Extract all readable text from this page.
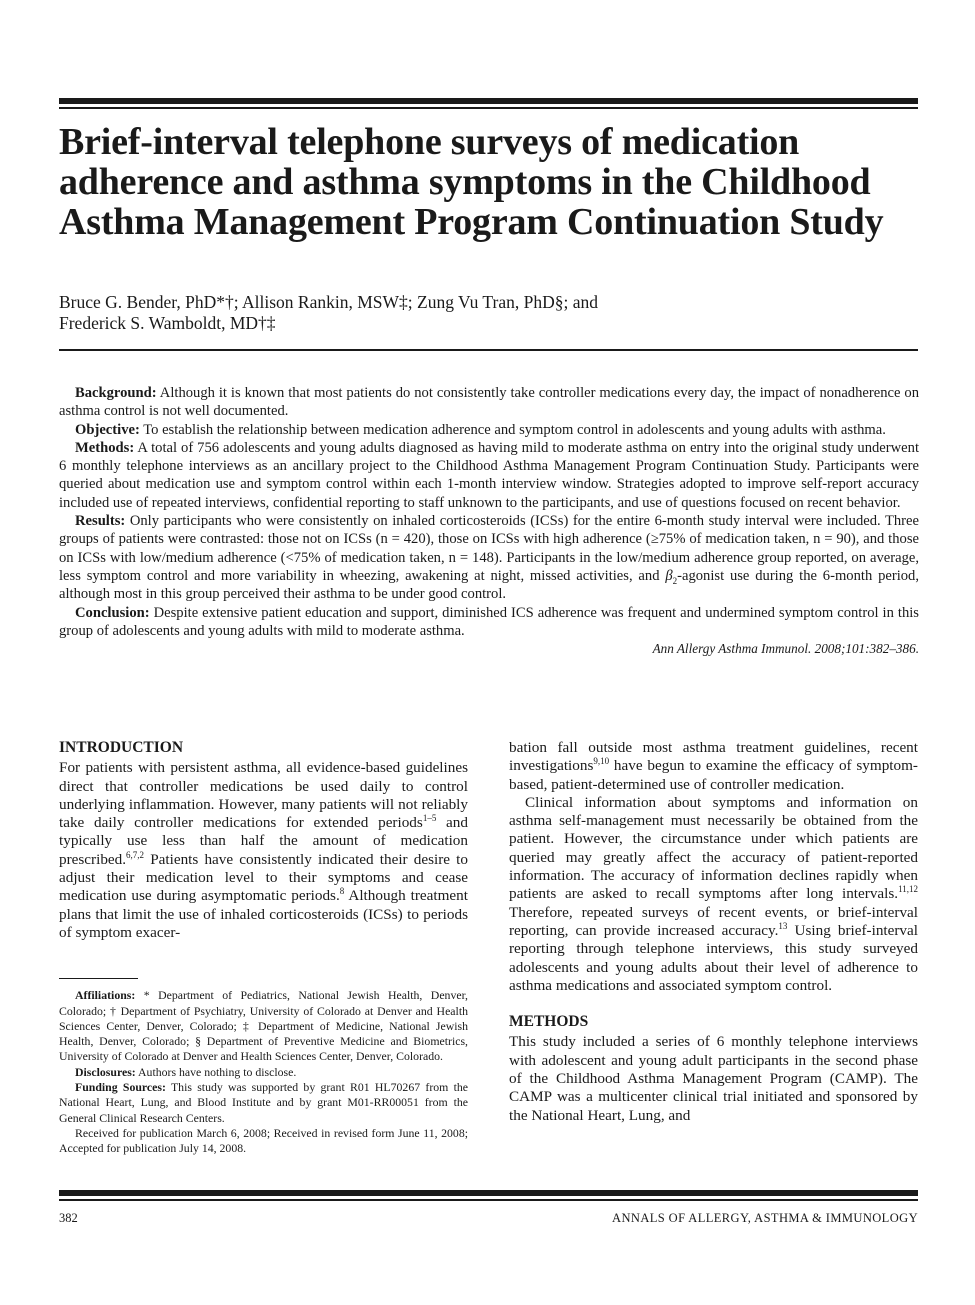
Brief-interval telephone surveys of medication adherence and asthma symptoms in the Childhood Asthma Management Program Continuation Study
Bruce G. Bender, PhD*†; Allison Rankin, MSW‡; Zung Vu Tran, PhD§; and
Frederick S. Wamboldt, MD†‡

Background: Although it is known that most patients do not consistently take controller medications every day, the impact of nonadherence on asthma control is not well documented.

Objective: To establish the relationship between medication adherence and symptom control in adolescents and young adults with asthma.

Methods: A total of 756 adolescents and young adults diagnosed as having mild to moderate asthma on entry into the original study underwent 6 monthly telephone interviews as an ancillary project to the Childhood Asthma Management Program Continuation Study. Participants were queried about medication use and symptom control within each 1-month interview window. Strategies adopted to improve self-report accuracy included use of repeated interviews, confidential reporting to staff unknown to the participants, and use of questions focused on recent behavior.

Results: Only participants who were consistently on inhaled corticosteroids (ICSs) for the entire 6-month study interval were included. Three groups of patients were contrasted: those not on ICSs (n = 420), those on ICSs with high adherence (≥75% of medication taken, n = 90), and those on ICSs with low/medium adherence (<75% of medication taken, n = 148). Participants in the low/medium adherence group reported, on average, less symptom control and more variability in wheezing, awakening at night, missed activities, and $\beta_2$-agonist use during the 6-month period, although most in this group perceived their asthma to be under good control.

Conclusion: Despite extensive patient education and support, diminished ICS adherence was frequent and undermined symptom control in this group of adolescents and young adults with mild to moderate asthma.

Ann Allergy Asthma Immunol. 2008;101:382–386.
INTRODUCTION

For patients with persistent asthma, all evidence-based guidelines direct that controller medications be used daily to control underlying inflammation. However, many patients will not reliably take daily controller medications for extended periods$^{1-5}$ and typically use less than half the amount of medication prescribed.$^{6,7,2}$ Patients have consistently indicated their desire to adjust their medication level to their symptoms and cease medication use during asymptomatic periods.$^8$ Although treatment plans that limit the use of inhaled corticosteroids (ICSs) to periods of symptom exacer-

Affiliations: * Department of Pediatrics, National Jewish Health, Denver, Colorado; † Department of Psychiatry, University of Colorado at Denver and Health Sciences Center, Denver, Colorado; ‡ Department of Medicine, National Jewish Health, Denver, Colorado; § Department of Preventive Medicine and Biometrics, University of Colorado at Denver and Health Sciences Center, Denver, Colorado.

Disclosures: Authors have nothing to disclose.

Funding Sources: This study was supported by grant R01 HL70267 from the National Heart, Lung, and Blood Institute and by grant M01-RR00051 from the General Clinical Research Centers.

Received for publication March 6, 2008; Received in revised form June 11, 2008; Accepted for publication July 14, 2008.

bation fall outside most asthma treatment guidelines, recent investigations$^{9,10}$ have begun to examine the efficacy of symptom-based, patient-determined use of controller medication.

Clinical information about symptoms and information on asthma self-management must necessarily be obtained from the patient. However, the circumstance under which patients are queried may greatly affect the accuracy of patient-reported information. The accuracy of information declines rapidly when patients are asked to recall symptoms after long intervals.$^{11,12}$ Therefore, repeated surveys of recent events, or brief-interval reporting, can provide increased accuracy.$^{13}$ Using brief-interval reporting through telephone interviews, this study surveyed adolescents and young adults about their level of adherence to asthma medications and associated symptom control.

METHODS

This study included a series of 6 monthly telephone interviews with adolescent and young adult participants in the second phase of the Childhood Asthma Management Program (CAMP). The CAMP was a multicenter clinical trial initiated and sponsored by the National Heart, Lung, and

382	ANNALS OF ALLERGY, ASTHMA & IMMUNOLOGY
